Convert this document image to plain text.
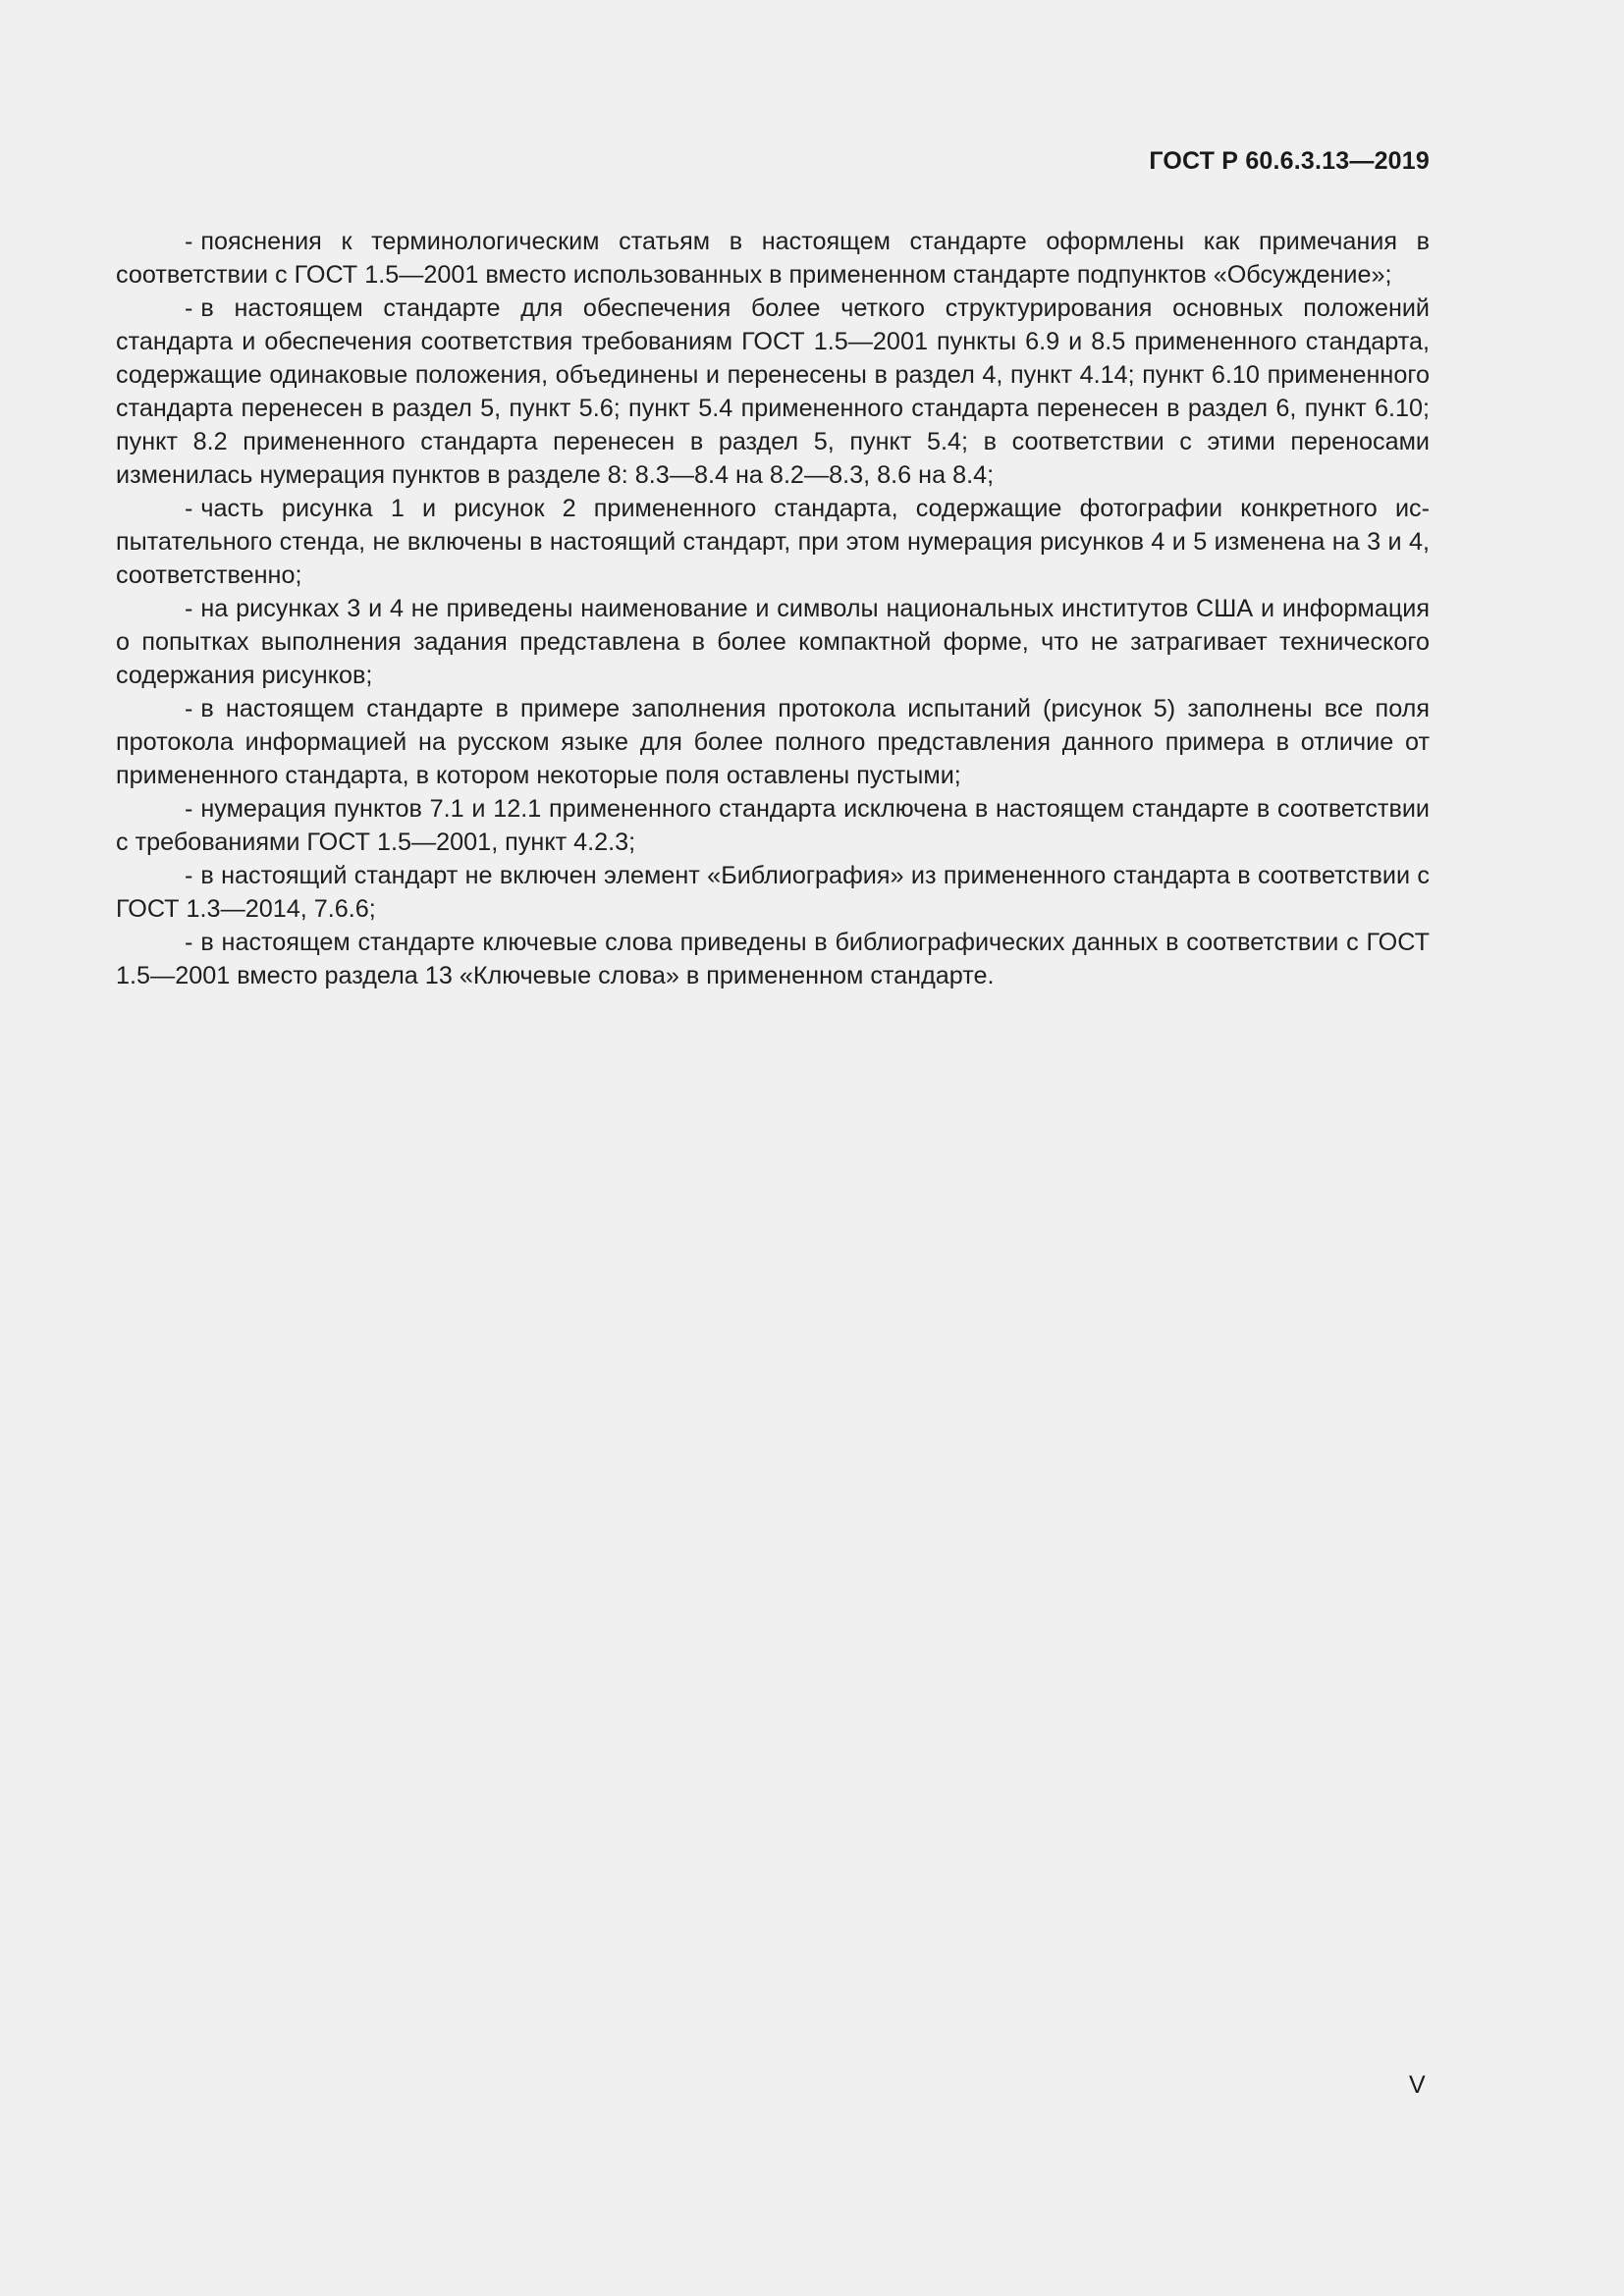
ГОСТ Р 60.6.3.13—2019

- пояснения к терминологическим статьям в настоящем стандарте оформлены как примечания в соответствии с ГОСТ 1.5—2001 вместо использованных в примененном стандарте подпунктов «Обсуждение»;

- в настоящем стандарте для обеспечения более четкого структурирования основных положений стандарта и обеспечения соответствия требованиям ГОСТ 1.5—2001 пункты 6.9 и 8.5 примененного стандарта, содержащие одинаковые положения, объединены и перенесены в раздел 4, пункт 4.14; пункт 6.10 примененного стандарта перенесен в раздел 5, пункт 5.6; пункт 5.4 примененного стандарта перенесен в раздел 6, пункт 6.10; пункт 8.2 примененного стандарта перенесен в раздел 5, пункт 5.4; в соответствии с этими переносами изменилась нумерация пунктов в разделе 8: 8.3—8.4 на 8.2—8.3, 8.6 на 8.4;

- часть рисунка 1 и рисунок 2 примененного стандарта, содержащие фотографии конкретного испытательного стенда, не включены в настоящий стандарт, при этом нумерация рисунков 4 и 5 изменена на 3 и 4, соответственно;

- на рисунках 3 и 4 не приведены наименование и символы национальных институтов США и информация о попытках выполнения задания представлена в более компактной форме, что не затрагивает технического содержания рисунков;

- в настоящем стандарте в примере заполнения протокола испытаний (рисунок 5) заполнены все поля протокола информацией на русском языке для более полного представления данного примера в отличие от примененного стандарта, в котором некоторые поля оставлены пустыми;

- нумерация пунктов 7.1 и 12.1 примененного стандарта исключена в настоящем стандарте в соответствии с требованиями ГОСТ 1.5—2001, пункт 4.2.3;

- в настоящий стандарт не включен элемент «Библиография» из примененного стандарта в соответствии с ГОСТ 1.3—2014, 7.6.6;

- в настоящем стандарте ключевые слова приведены в библиографических данных в соответствии с ГОСТ 1.5—2001 вместо раздела 13 «Ключевые слова» в примененном стандарте.

V
